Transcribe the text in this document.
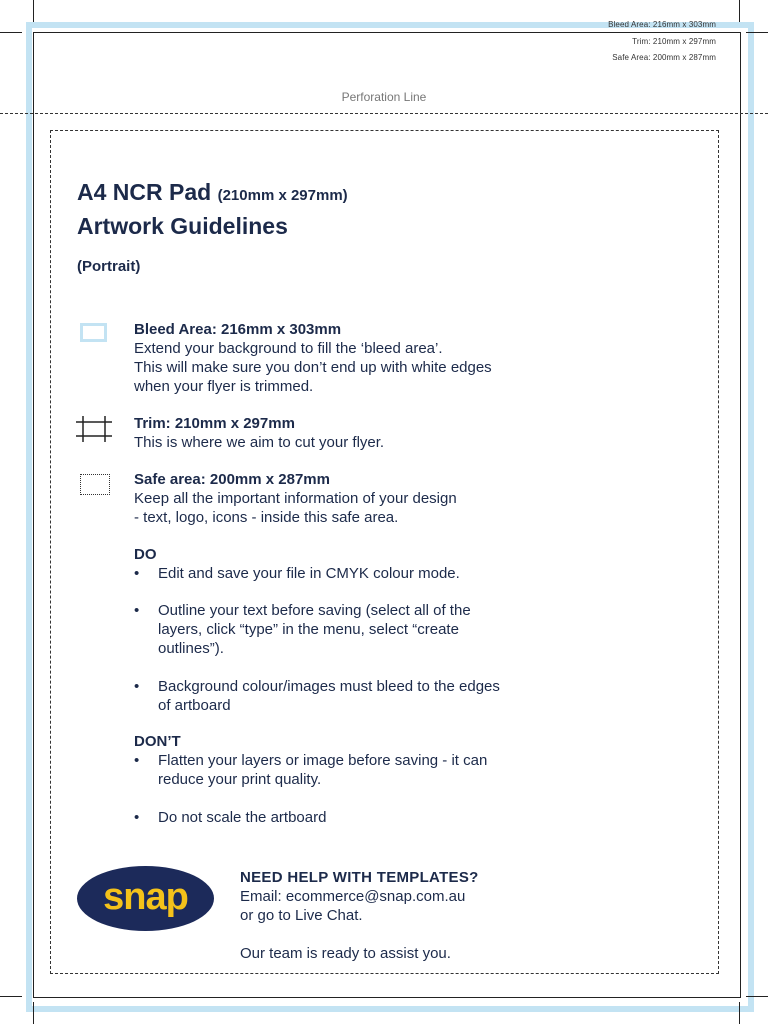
Perforation Line
Bleed Area: 216mm x 303mm
Trim: 210mm x 297mm
Safe Area: 200mm x 287mm
A4 NCR Pad (210mm x 297mm)
Artwork Guidelines
(Portrait)
Bleed Area: 216mm x 303mm
Extend your background to fill the ‘bleed area’.
This will make sure you don’t end up with white edges
when your flyer is trimmed.
Trim: 210mm x 297mm
This is where we aim to cut your flyer.
Safe area: 200mm x 287mm
Keep all the important information of your design
- text, logo, icons - inside this safe area.
DO
• Edit and save your file in CMYK colour mode.
• Outline your text before saving (select all of the
layers, click “type” in the menu, select “create
outlines”).
• Background colour/images must bleed to the edges
of artboard
DON’T
• Flatten your layers or image before saving - it can
reduce your print quality.
• Do not scale the artboard
snap	NEED HELP WITH TEMPLATES?
Email: ecommerce@snap.com.au
or go to Live Chat.
Our team is ready to assist you.
